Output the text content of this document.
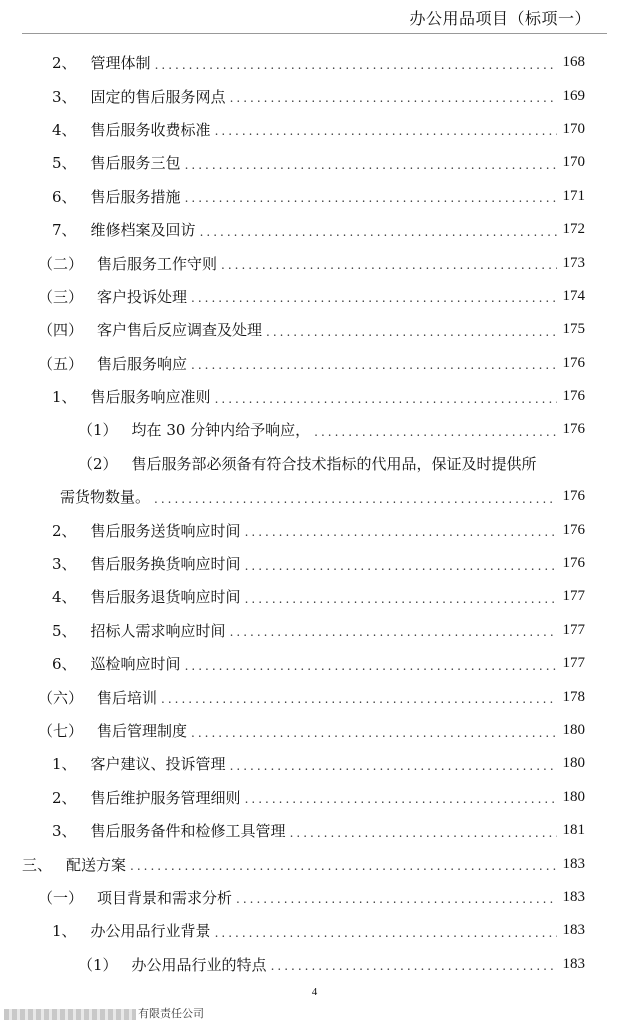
办公用品项目（标项一）
2、 管理体制 .....	168
3、 固定的售后服务网点 .....	169
4、 售后服务收费标准 .....	170
5、 售后服务三包 .....	170
6、 售后服务措施 .....	171
7、 维修档案及回访 .....	172
（二） 售后服务工作守则 .....	173
（三） 客户投诉处理 .....	174
（四） 客户售后反应调查及处理 .....	175
（五） 售后服务响应 .....	176
1、 售后服务响应准则 .....	176
（1） 均在 30 分钟内给予响应， .....	176
（2） 售后服务部必须备有符合技术指标的代用品，保证及时提供所
需货物数量。 .....	176
2、 售后服务送货响应时间 .....	176
3、 售后服务换货响应时间 .....	176
4、 售后服务退货响应时间 .....	177
5、 招标人需求响应时间 .....	177
6、 巡检响应时间 .....	177
（六） 售后培训 .....	178
（七） 售后管理制度 .....	180
1、 客户建议、投诉管理 .....	180
2、 售后维护服务管理细则 .....	180
3、 售后服务备件和检修工具管理 .....	181
三、 配送方案 .....	183
（一） 项目背景和需求分析 .....	183
1、 办公用品行业背景 .....	183
（1） 办公用品行业的特点 .....	183
4
有限责任公司
